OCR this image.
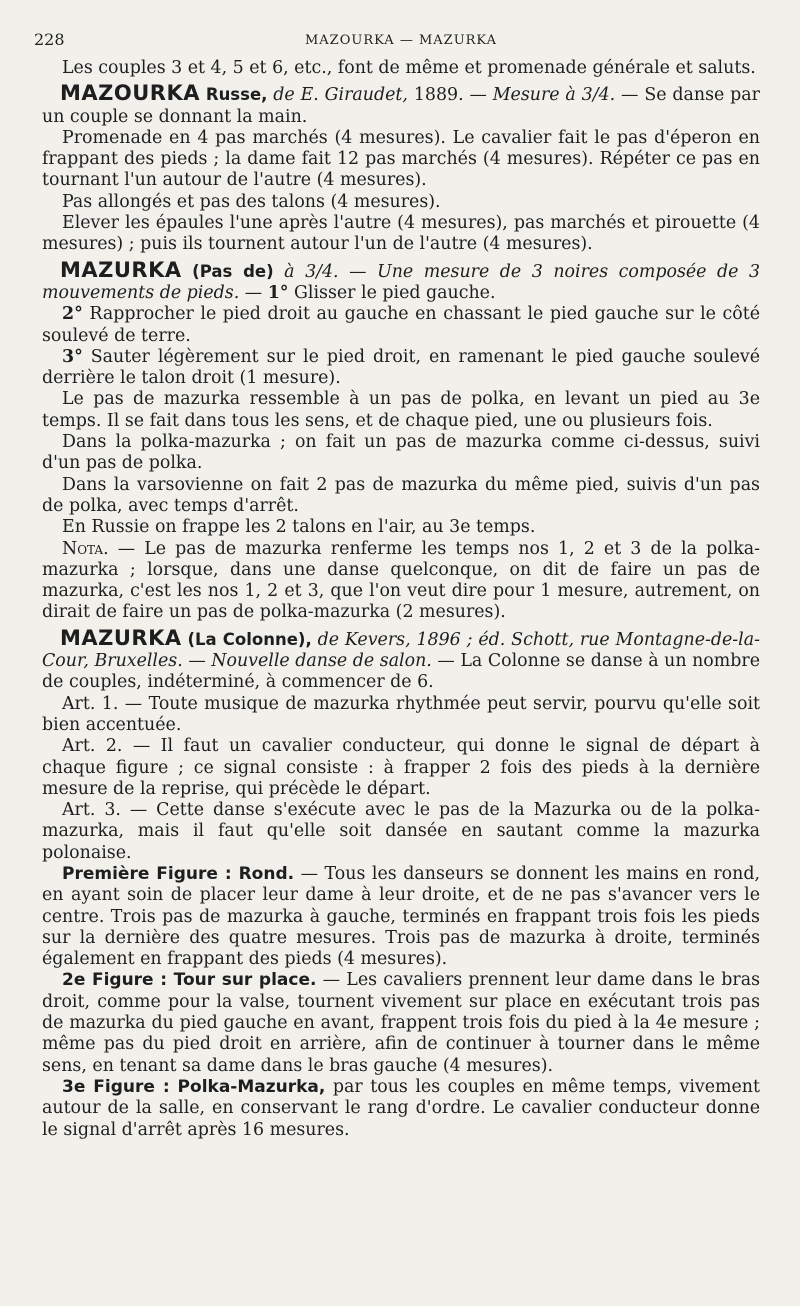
228	MAZOURKA — MAZURKA

Les couples 3 et 4, 5 et 6, etc., font de même et promenade générale et saluts.

MAZOURKA Russe, de E. Giraudet, 1889. — Mesure à 3/4. — Se danse par un couple se donnant la main.

Promenade en 4 pas marchés (4 mesures). Le cavalier fait le pas d'éperon en frappant des pieds ; la dame fait 12 pas marchés (4 mesures). Répéter ce pas en tournant l'un autour de l'autre (4 mesures).

Pas allongés et pas des talons (4 mesures).

Elever les épaules l'une après l'autre (4 mesures), pas marchés et pirouette (4 mesures) ; puis ils tournent autour l'un de l'autre (4 mesures).

MAZURKA (Pas de) à 3/4. — Une mesure de 3 noires composée de 3 mouvements de pieds. — 1° Glisser le pied gauche.

2° Rapprocher le pied droit au gauche en chassant le pied gauche sur le côté soulevé de terre.

3° Sauter légèrement sur le pied droit, en ramenant le pied gauche soulevé derrière le talon droit (1 mesure).

Le pas de mazurka ressemble à un pas de polka, en levant un pied au 3e temps. Il se fait dans tous les sens, et de chaque pied, une ou plusieurs fois.

Dans la polka-mazurka ; on fait un pas de mazurka comme ci-dessus, suivi d'un pas de polka.

Dans la varsovienne on fait 2 pas de mazurka du même pied, suivis d'un pas de polka, avec temps d'arrêt.

En Russie on frappe les 2 talons en l'air, au 3e temps.

Nota. — Le pas de mazurka renferme les temps nos 1, 2 et 3 de la polka-mazurka ; lorsque, dans une danse quelconque, on dit de faire un pas de mazurka, c'est les nos 1, 2 et 3, que l'on veut dire pour 1 mesure, autrement, on dirait de faire un pas de polka-mazurka (2 mesures).

MAZURKA (La Colonne), de Kevers, 1896 ; éd. Schott, rue Montagne-de-la-Cour, Bruxelles. — Nouvelle danse de salon. — La Colonne se danse à un nombre de couples, indéterminé, à commencer de 6.

Art. 1. — Toute musique de mazurka rhythmée peut servir, pourvu qu'elle soit bien accentuée.

Art. 2. — Il faut un cavalier conducteur, qui donne le signal de départ à chaque figure ; ce signal consiste : à frapper 2 fois des pieds à la dernière mesure de la reprise, qui précède le départ.

Art. 3. — Cette danse s'exécute avec le pas de la Mazurka ou de la polka-mazurka, mais il faut qu'elle soit dansée en sautant comme la mazurka polonaise.

Première Figure : Rond. — Tous les danseurs se donnent les mains en rond, en ayant soin de placer leur dame à leur droite, et de ne pas s'avancer vers le centre. Trois pas de mazurka à gauche, terminés en frappant trois fois les pieds sur la dernière des quatre mesures. Trois pas de mazurka à droite, terminés également en frappant des pieds (4 mesures).

2e Figure : Tour sur place. — Les cavaliers prennent leur dame dans le bras droit, comme pour la valse, tournent vivement sur place en exécutant trois pas de mazurka du pied gauche en avant, frappent trois fois du pied à la 4e mesure ; même pas du pied droit en arrière, afin de continuer à tourner dans le même sens, en tenant sa dame dans le bras gauche (4 mesures).

3e Figure : Polka-Mazurka, par tous les couples en même temps, vivement autour de la salle, en conservant le rang d'ordre. Le cavalier conducteur donne le signal d'arrêt après 16 mesures.
